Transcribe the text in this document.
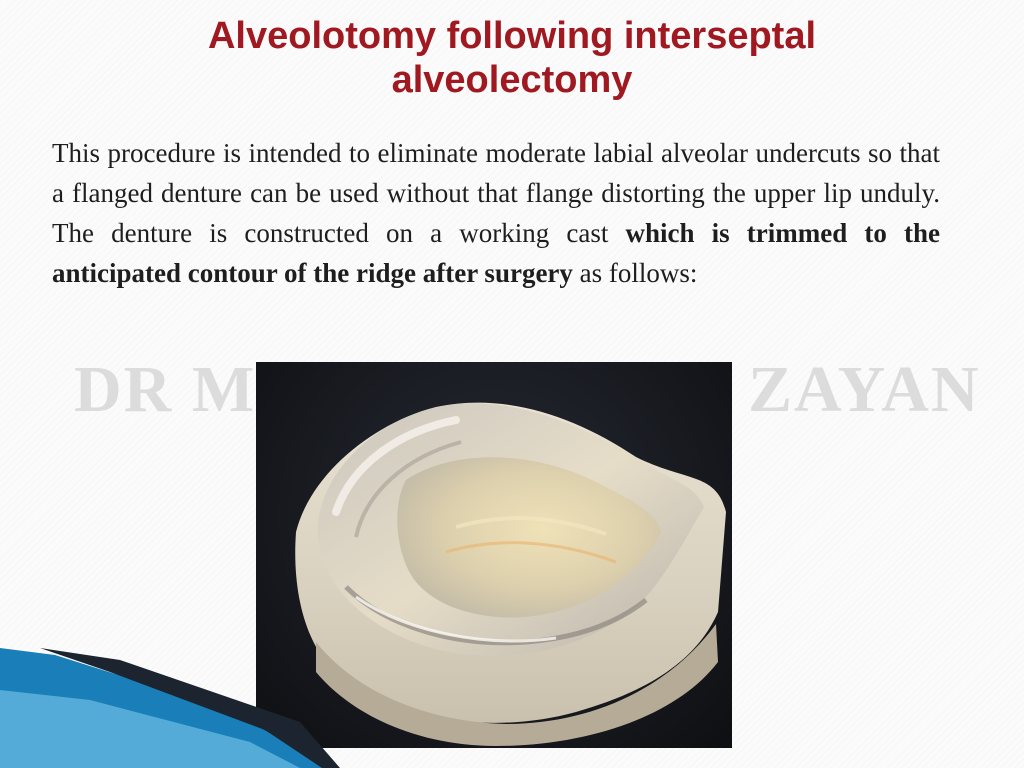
Alveolotomy following interseptal
alveolectomy

This procedure is intended to eliminate moderate labial alveolar undercuts so that a flanged denture can be used without that flange distorting the upper lip unduly. The denture is constructed on a working cast which is trimmed to the anticipated contour of the ridge after surgery as follows:

DR M	ZAYAN
